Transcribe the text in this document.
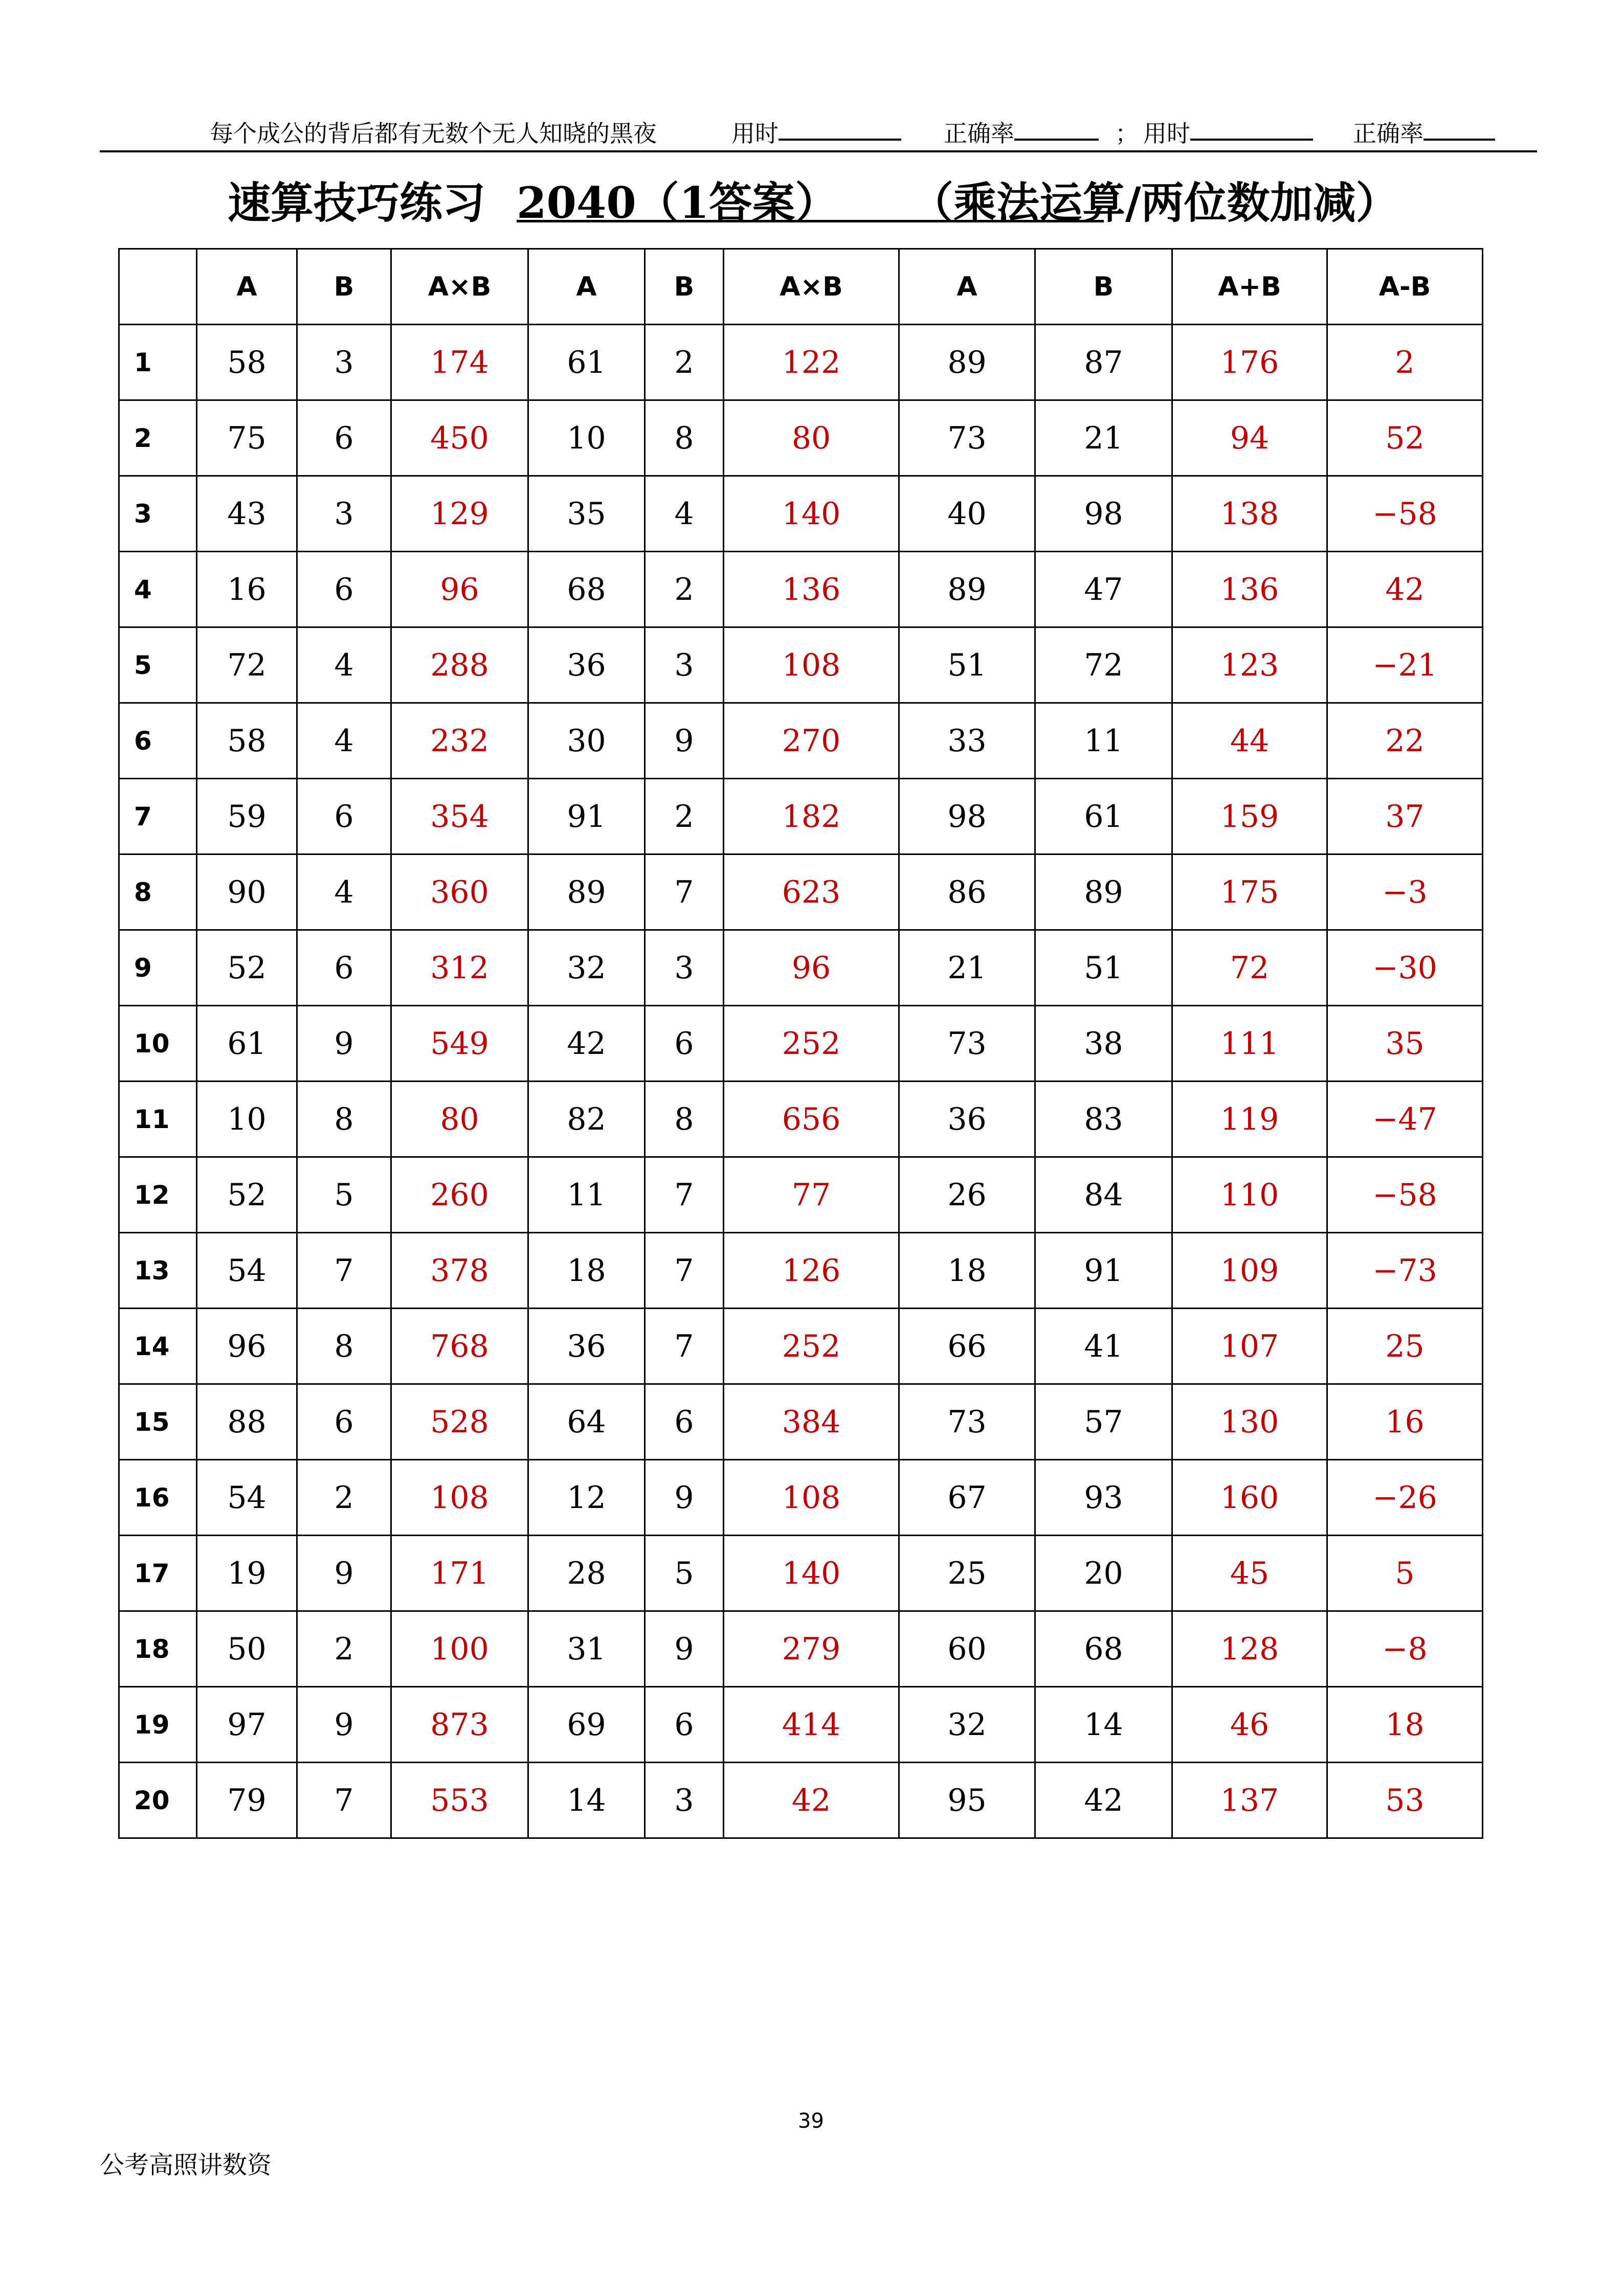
每个成公的背后都有无数个无人知晓的黑夜	用时	正确率	； 用时	正确率
速算技巧练习 2040（1答案） （乘法运算/两位数加减）
	A	B	A×B	A	B	A×B	A	B	A+B	A-B
1	58	3	174	61	2	122	89	87	176	2
2	75	6	450	10	8	80	73	21	94	52
3	43	3	129	35	4	140	40	98	138	−58
4	16	6	96	68	2	136	89	47	136	42
5	72	4	288	36	3	108	51	72	123	−21
6	58	4	232	30	9	270	33	11	44	22
7	59	6	354	91	2	182	98	61	159	37
8	90	4	360	89	7	623	86	89	175	−3
9	52	6	312	32	3	96	21	51	72	−30
10	61	9	549	42	6	252	73	38	111	35
11	10	8	80	82	8	656	36	83	119	−47
12	52	5	260	11	7	77	26	84	110	−58
13	54	7	378	18	7	126	18	91	109	−73
14	96	8	768	36	7	252	66	41	107	25
15	88	6	528	64	6	384	73	57	130	16
16	54	2	108	12	9	108	67	93	160	−26
17	19	9	171	28	5	140	25	20	45	5
18	50	2	100	31	9	279	60	68	128	−8
19	97	9	873	69	6	414	32	14	46	18
20	79	7	553	14	3	42	95	42	137	53
39
公考高照讲数资
